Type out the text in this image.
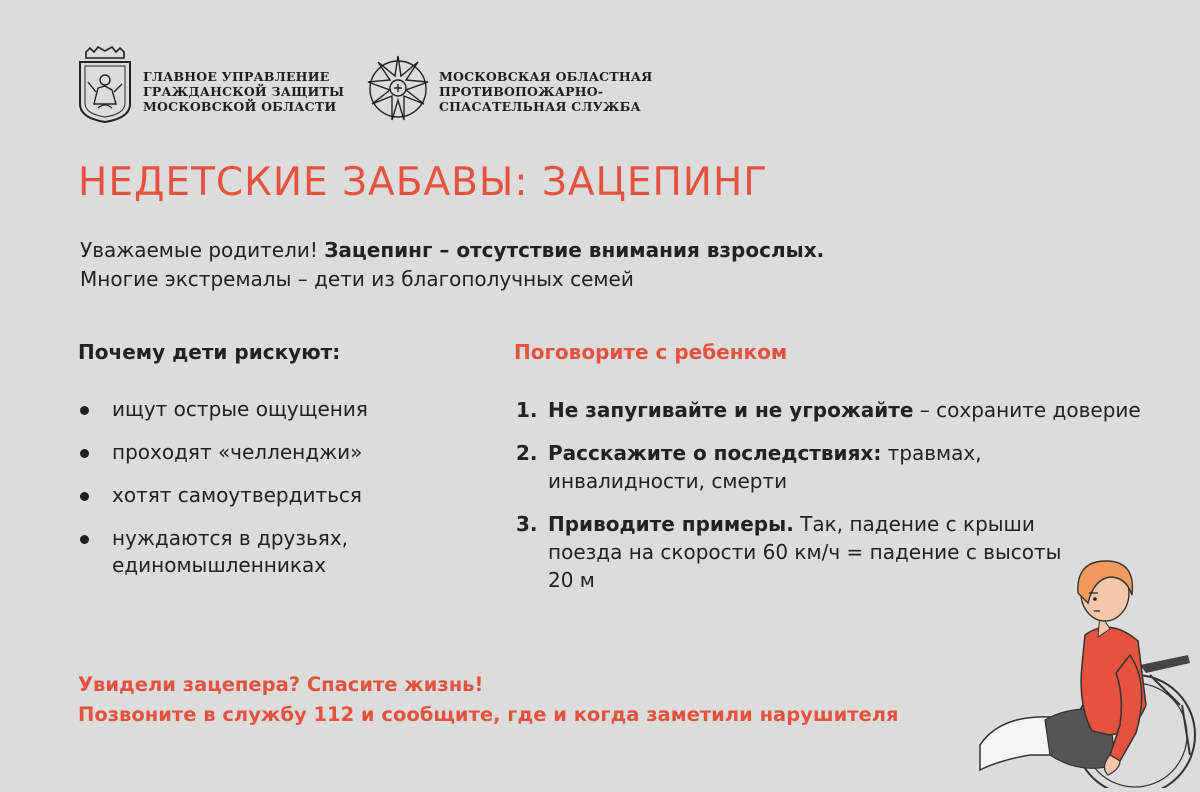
ГЛАВНОЕ УПРАВЛЕНИЕ
ГРАЖДАНСКОЙ ЗАЩИТЫ
МОСКОВСКОЙ ОБЛАСТИ
МОСКОВСКАЯ ОБЛАСТНАЯ
ПРОТИВОПОЖАРНО-
СПАСАТЕЛЬНАЯ СЛУЖБА
НЕДЕТСКИЕ ЗАБАВЫ: ЗАЦЕПИНГ
Уважаемые родители! Зацепинг – отсутствие внимания взрослых.
Многие экстремалы – дети из благополучных семей
Почему дети рискуют:
ищут острые ощущения
проходят «челленджи»
хотят самоутвердиться
нуждаются в друзьях, единомышленниках
Поговорите с ребенком
1. Не запугивайте и не угрожайте – сохраните доверие
2. Расскажите о последствиях: травмах, инвалидности, смерти
3. Приводите примеры. Так, падение с крыши поезда на скорости 60 км/ч = падение с высоты 20 м
Увидели зацепера? Спасите жизнь!
Позвоните в службу 112 и сообщите, где и когда заметили нарушителя
